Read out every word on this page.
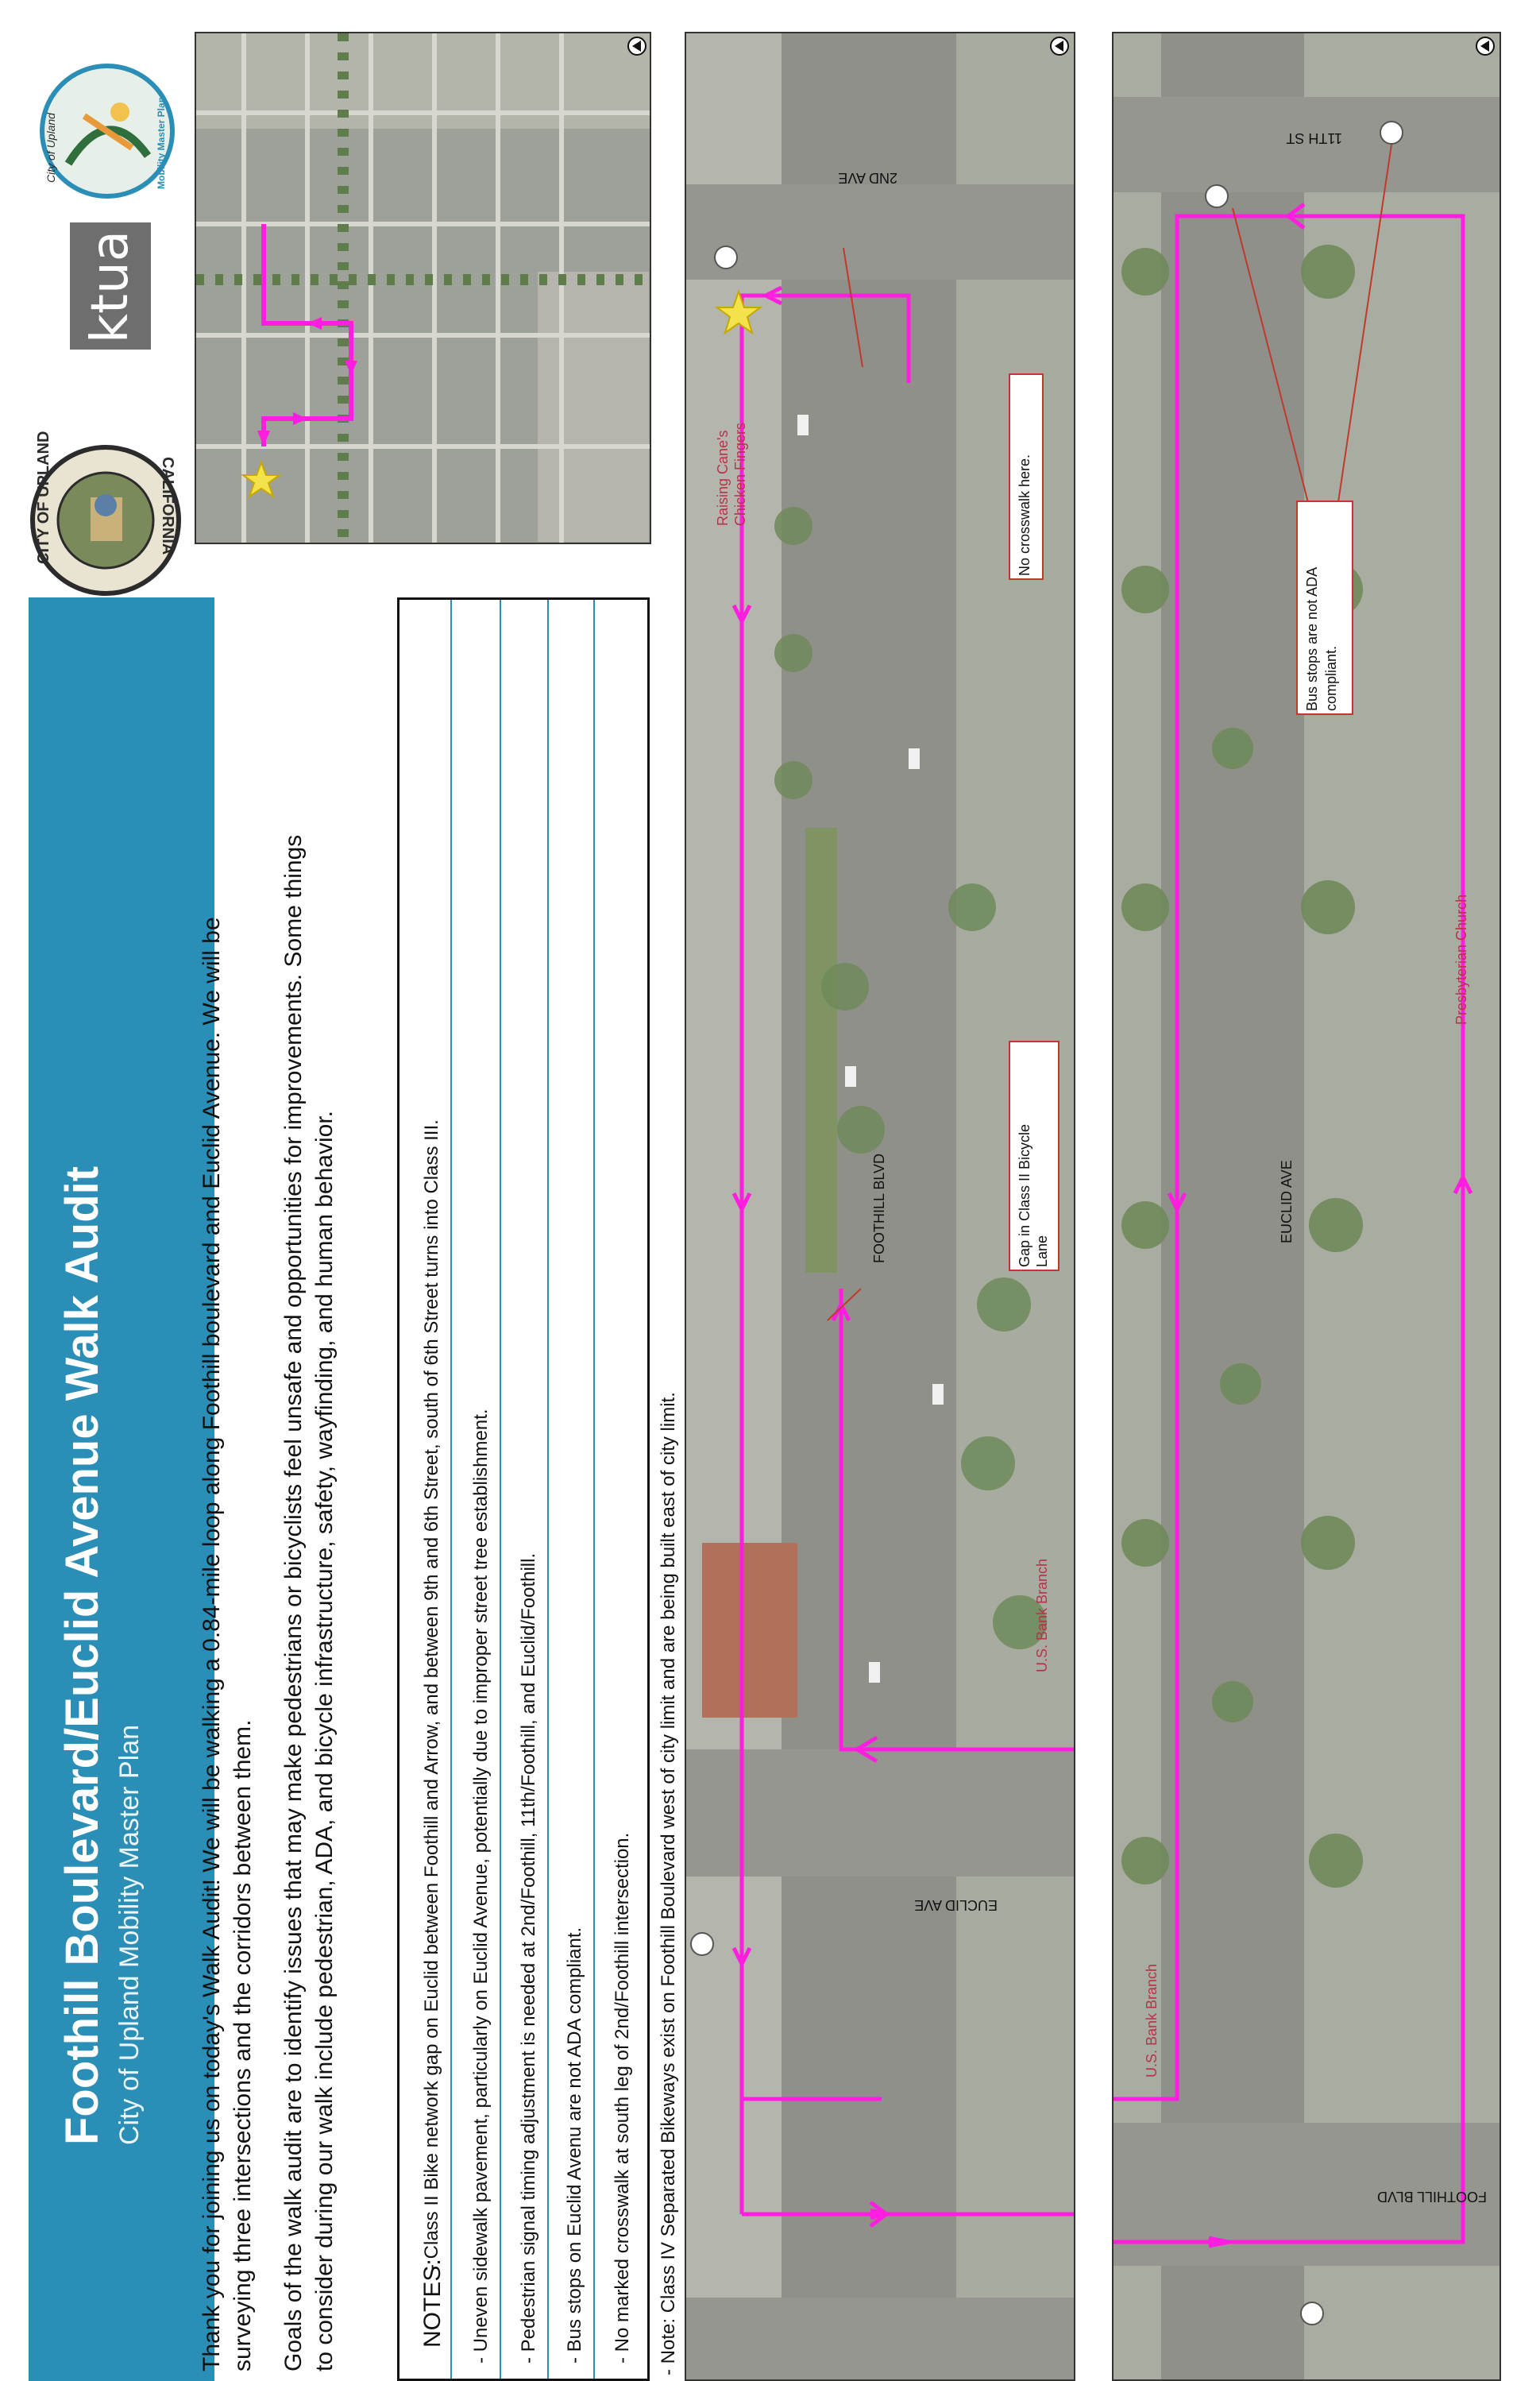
Foothill Boulevard/Euclid Avenue Walk Audit City of Upland Mobility Master Plan Thank you for joining us on today's Walk Audit! We will be walking a 0.84-mile loop along Foothill boulevard and Euclid Avenue. We will be surveying three intersections and the corridors between them. Goals of the walk audit are to identify issues that may make pedestrians or bicyclists feel unsafe and opportunities for improvements. Some things to consider during our walk include pedestrian, ADA, and bicycle infrastructure, safety, wayfinding, and human behavior.	NOTES:
- Class II Bike network gap on Euclid between Foothill and Arrow, and between 9th and 6th Street, south of 6th Street turns into Class III. - Uneven sidewalk pavement, particularly on Euclid Avenue, potentially due to improper street tree establishment. - Pedestrian signal timing adjustment is needed at 2nd/Foothill, 11th/Foothill, and Euclid/Foothill. - Bus stops on Euclid Avenu are not ADA compliant. - No marked crosswalk at south leg of 2nd/Foothill intersection. - Note: Class IV Separated Bikeways exist on Foothill Boulevard west of city limit and are being built east of city limit.
CITY OF UPLAND	CALIFORNIA
ktua
City of Upland	Mobility Master Plan	2ND AVE
FOOTHILL BLVD
EUCLID AVE
Raising Cane's Chicken Fingers
U.S. Bank Branch
No crosswalk here.
Gap in Class II Bicycle Lane
11TH ST
EUCLID AVE
FOOTHILL BLVD
Presbyterian Church
U.S. Bank Branch
Bus stops are not ADA compliant.
